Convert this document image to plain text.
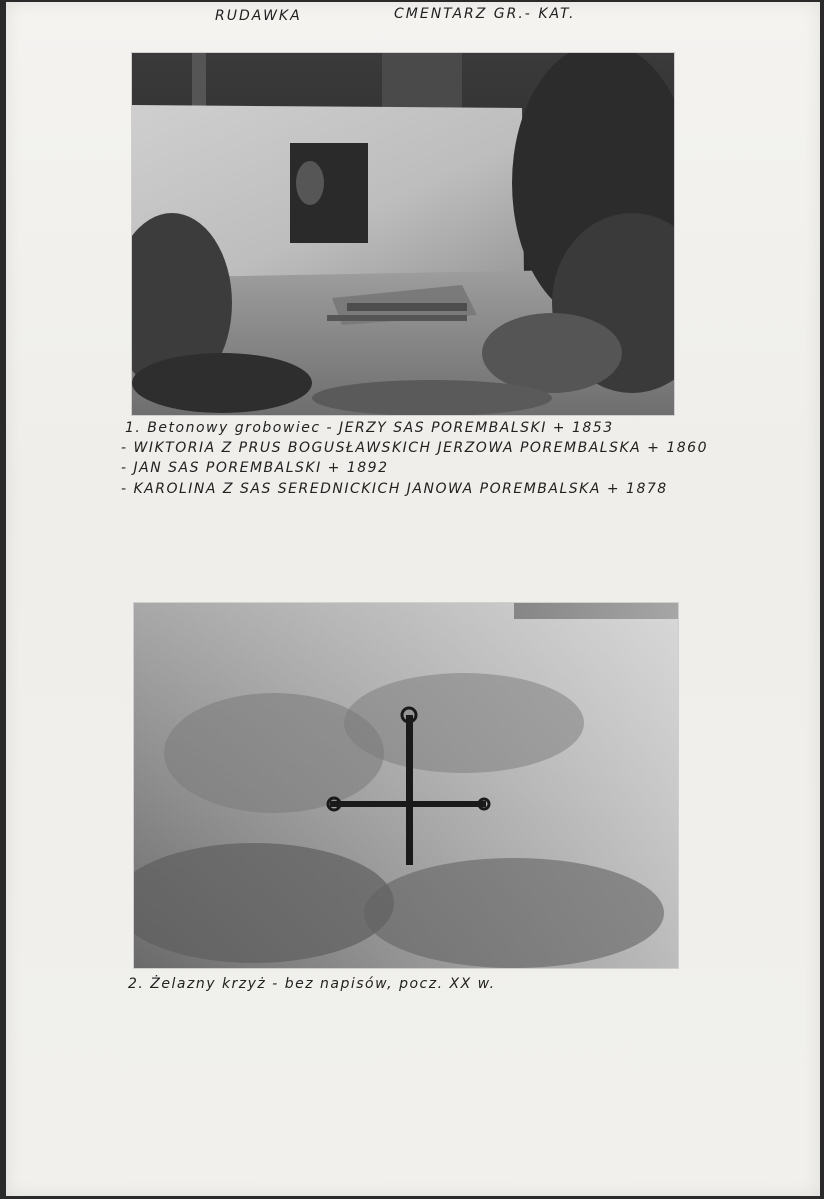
RUDAWKA	CMENTARZ GR.- KAT.
1. Betonowy grobowiec - JERZY SAS POREMBALSKI + 1853
- WIKTORIA Z PRUS BOGUSŁAWSKICH JERZOWA POREMBALSKA + 1860
- JAN SAS POREMBALSKI + 1892
- KAROLINA Z SAS SEREDNICKICH JANOWA POREMBALSKA + 1878
2. Żelazny krzyż - bez napisów, pocz. XX w.
